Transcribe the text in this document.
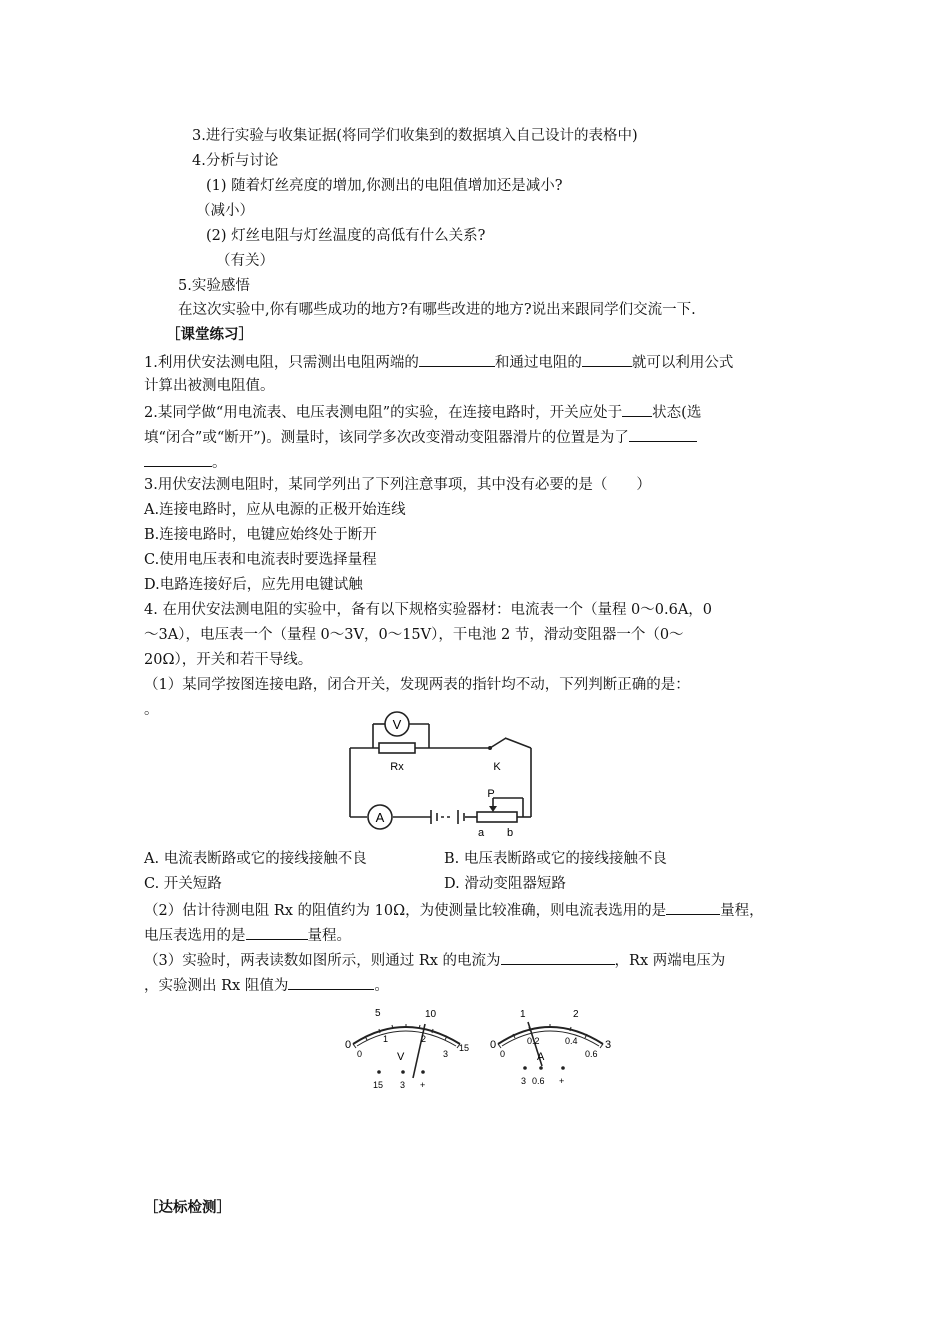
3.进行实验与收集证据(将同学们收集到的数据填入自己设计的表格中)
4.分析与讨论
(1) 随着灯丝亮度的增加,你测出的电阻值增加还是减小?
（减小）
(2) 灯丝电阻与灯丝温度的高低有什么关系?
（有关）
5.实验感悟
在这次实验中,你有哪些成功的地方?有哪些改进的地方?说出来跟同学们交流一下.
［课堂练习］
1.利用伏安法测电阻，只需测出电阻两端的	和通过电阻的	就可以利用公式
计算出被测电阻值。
2.某同学做“用电流表、电压表测电阻”的实验，在连接电路时，开关应处于 状态(选
填“闭合”或“断开”)。测量时，该同学多次改变滑动变阻器滑片的位置是为了
。
3.用伏安法测电阻时，某同学列出了下列注意事项，其中没有必要的是（　　）
A.连接电路时，应从电源的正极开始连线
B.连接电路时，电键应始终处于断开
C.使用电压表和电流表时要选择量程
D.电路连接好后，应先用电键试触
4. 在用伏安法测电阻的实验中，备有以下规格实验器材：电流表一个（量程 0～0.6A，0
～3A），电压表一个（量程 0～3V，0～15V），干电池 2 节，滑动变阻器一个（0～
20Ω），开关和若干导线。
（1）某同学按图连接电路，闭合开关，发现两表的指针均不动，下列判断正确的是：
。
V
Rx	K
A
P
a b
A. 电流表断路或它的接线接触不良	B. 电压表断路或它的接线接触不良
C. 开关短路	D. 滑动变阻器短路
（2）估计待测电阻 Rx 的阻值约为 10Ω，为使测量比较准确，则电流表选用的是	量程，
电压表选用的是	量程。
（3）实验时，两表读数如图所示，则通过 Rx 的电流为	，Rx 两端电压为
，实验测出 Rx 阻值为	。
0
5	10
15
0
1	2
3
V
15 3 +
0
1	2
3
0
0.2	0.4
0.6
A
3 0.6 +
［达标检测］
